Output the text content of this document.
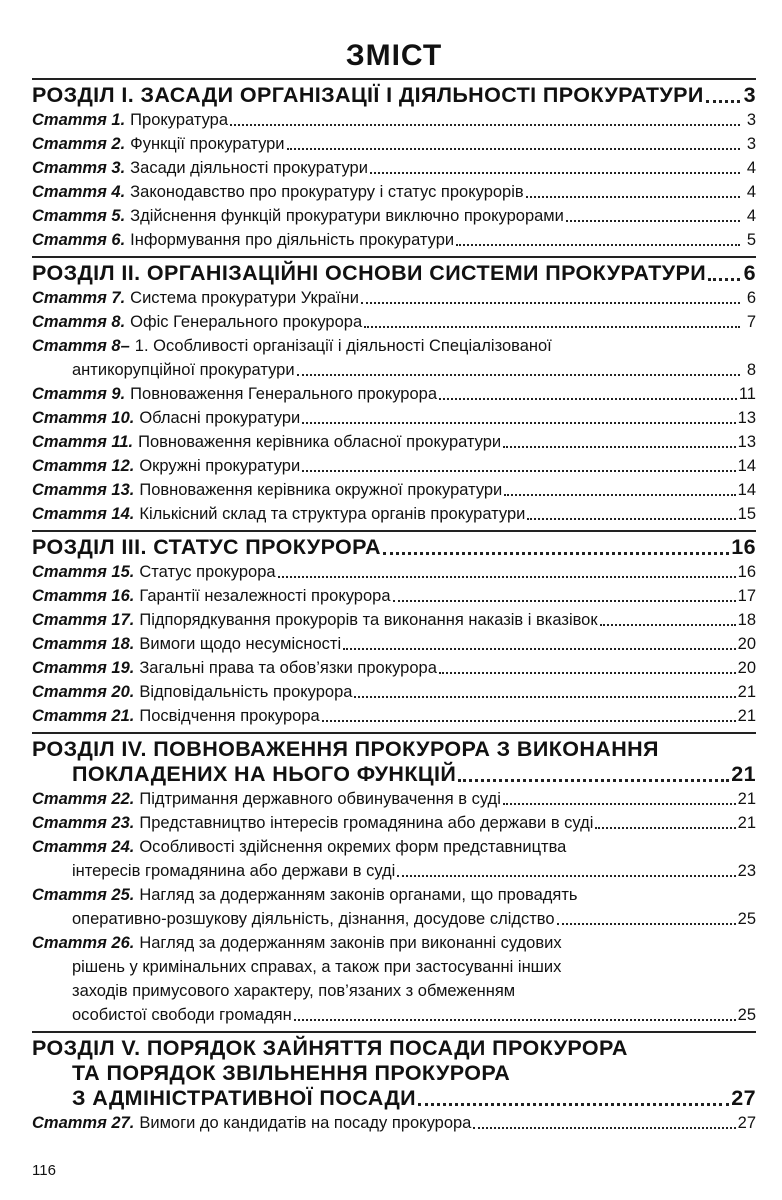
ЗМІСТ
РОЗДІЛ І. ЗАСАДИ ОРГАНІЗАЦІЇ І ДІЯЛЬНОСТІ ПРОКУРАТУРИ 3
Стаття 1. Прокуратура	3
Стаття 2. Функції прокуратури	3
Стаття 3. Засади діяльності прокуратури	4
Стаття 4. Законодавство про прокуратуру і статус прокурорів	4
Стаття 5. Здійснення функцій прокуратури виключно прокурорами	4
Стаття 6. Інформування про діяльність прокуратури	5
РОЗДІЛ ІІ. ОРГАНІЗАЦІЙНІ ОСНОВИ СИСТЕМИ ПРОКУРАТУРИ 6
Стаття 7. Система прокуратури України	6
Стаття 8. Офіс Генерального прокурора	7
Стаття 8– 1. Особливості організації і діяльності Спеціалізованої
антикорупційної прокуратури	8
Стаття 9. Повноваження Генерального прокурора	11
Стаття 10. Обласні прокуратури	13
Стаття 11. Повноваження керівника обласної прокуратури	13
Стаття 12. Окружні прокуратури	14
Стаття 13. Повноваження керівника окружної прокуратури	14
Стаття 14. Кількісний склад та структура органів прокуратури	15
РОЗДІЛ ІІІ. СТАТУС ПРОКУРОРА	16
Стаття 15. Статус прокурора	16
Стаття 16. Гарантії незалежності прокурора	17
Стаття 17. Підпорядкування прокурорів та виконання наказів і вказівок	18
Стаття 18. Вимоги щодо несумісності	20
Стаття 19. Загальні права та обов’язки прокурора	20
Стаття 20. Відповідальність прокурора	21
Стаття 21. Посвідчення прокурора	21
РОЗДІЛ IV. ПОВНОВАЖЕННЯ ПРОКУРОРА З ВИКОНАННЯ
ПОКЛАДЕНИХ НА НЬОГО ФУНКЦІЙ	21
Стаття 22. Підтримання державного обвинувачення в суді	21
Стаття 23. Представництво інтересів громадянина або держави в суді	21
Стаття 24. Особливості здійснення окремих форм представництва
інтересів громадянина або держави в суді	23
Стаття 25. Нагляд за додержанням законів органами, що провадять
оперативно-розшукову діяльність, дізнання, досудове слідство	25
Стаття 26. Нагляд за додержанням законів при виконанні судових
рішень у кримінальних справах, а також при застосуванні інших
заходів примусового характеру, пов’язаних з обмеженням
особистої свободи громадян	25
РОЗДІЛ V. ПОРЯДОК ЗАЙНЯТТЯ ПОСАДИ ПРОКУРОРА
ТА ПОРЯДОК ЗВІЛЬНЕННЯ ПРОКУРОРА
З АДМІНІСТРАТИВНОЇ ПОСАДИ	27
Стаття 27. Вимоги до кандидатів на посаду прокурора	27
116
